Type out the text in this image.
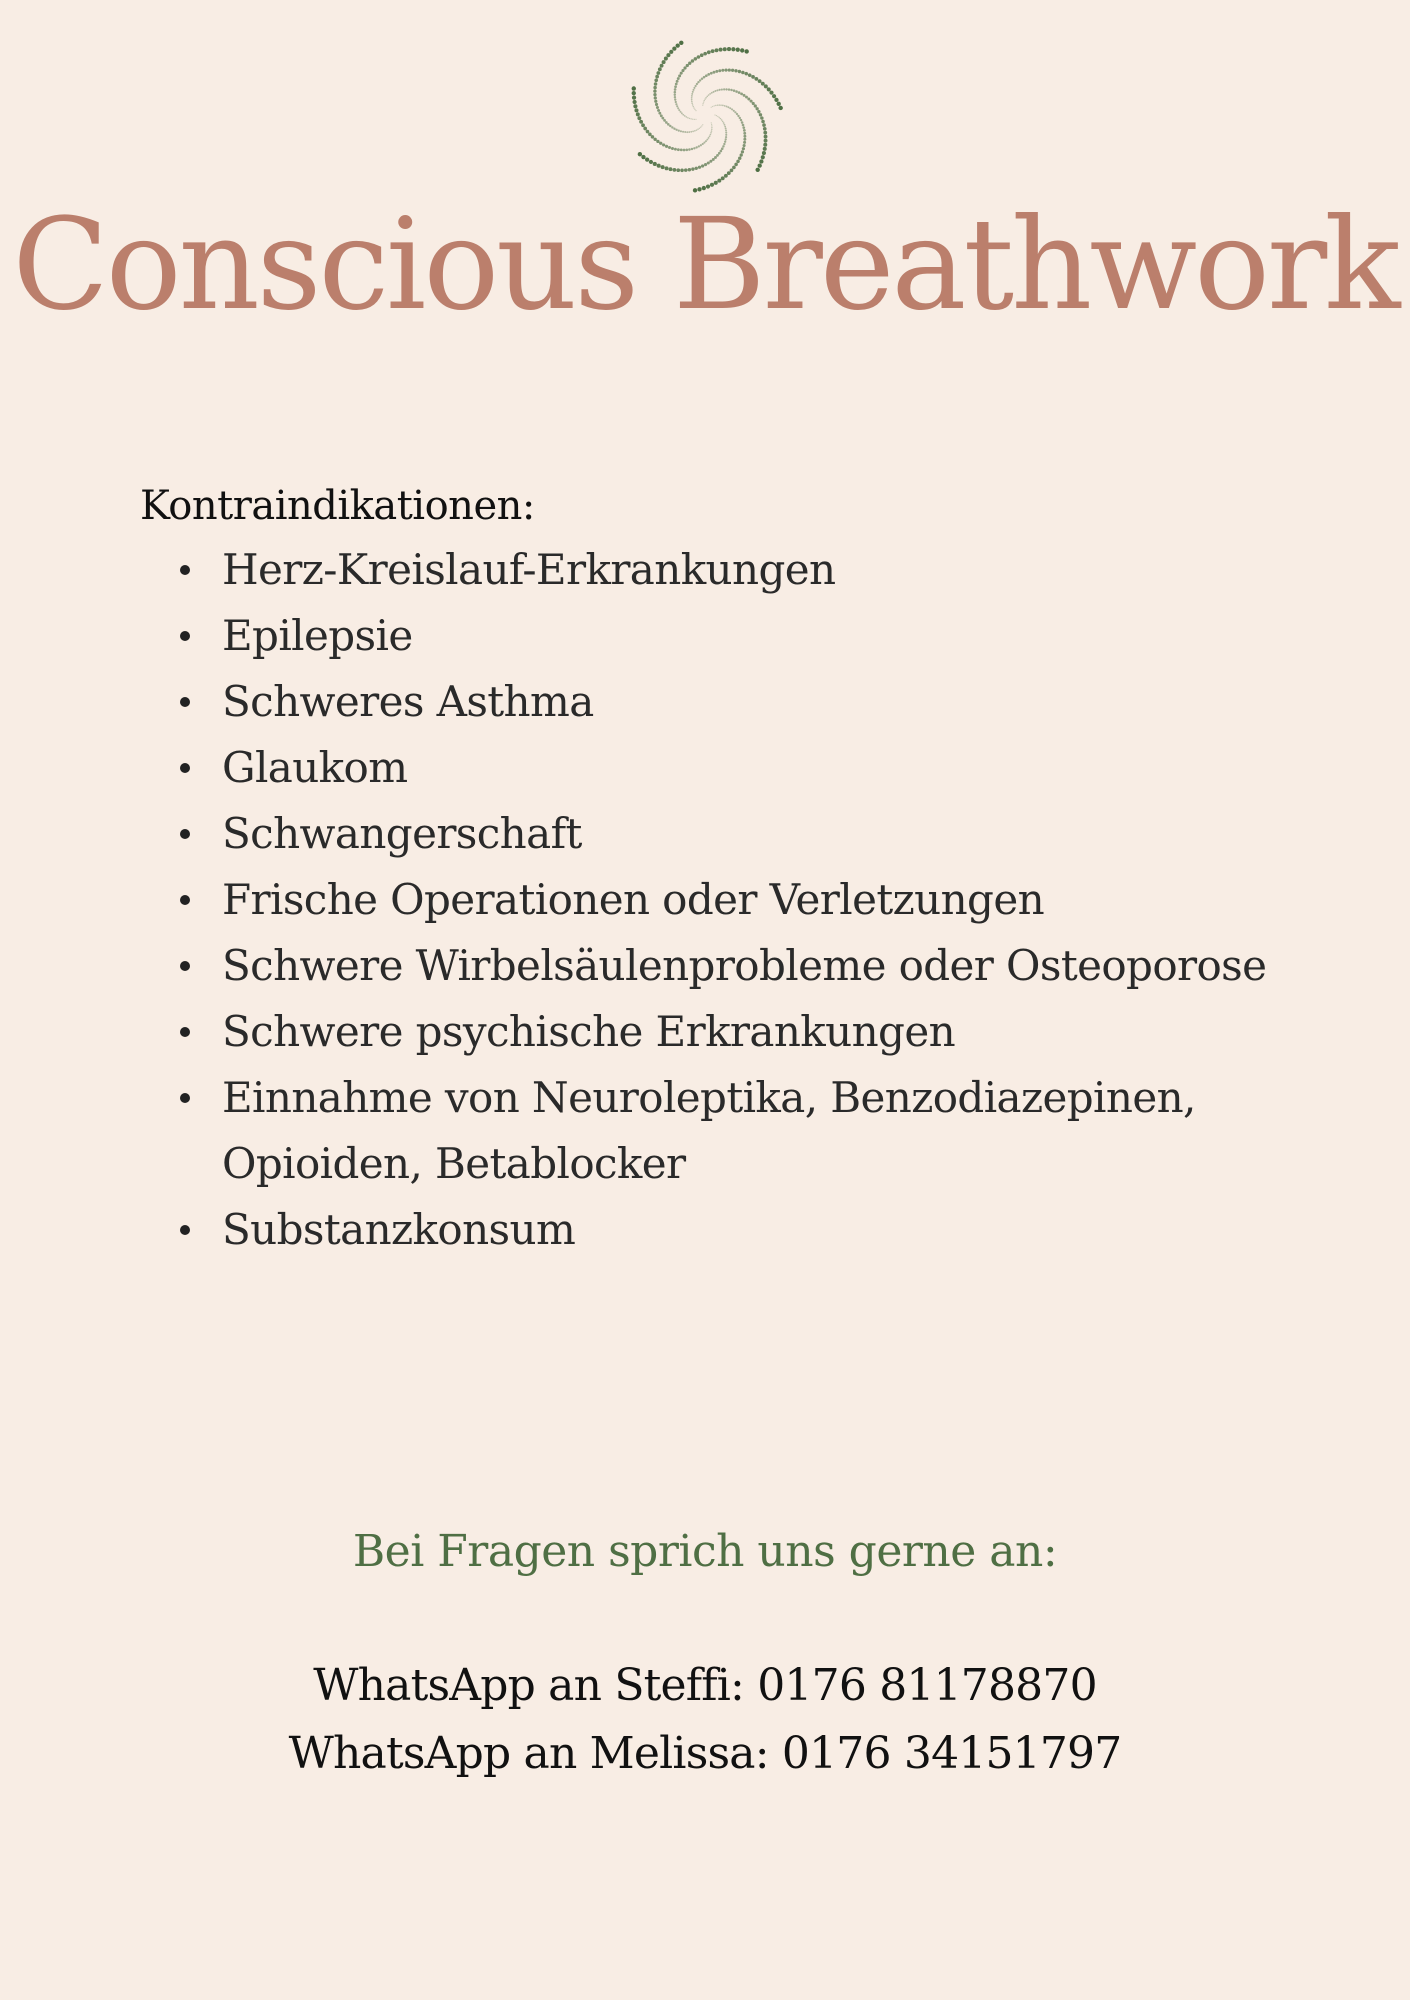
Conscious Breathwork
Kontraindikationen:
Herz-Kreislauf-Erkrankungen
Epilepsie
Schweres Asthma
Glaukom
Schwangerschaft
Frische Operationen oder Verletzungen
Schwere Wirbelsäulenprobleme oder Osteoporose
Schwere psychische Erkrankungen
Einnahme von Neuroleptika, Benzodiazepinen, Opioiden, Betablocker
Substanzkonsum
Bei Fragen sprich uns gerne an:
WhatsApp an Steffi: 0176 81178870
WhatsApp an Melissa: 0176 34151797
